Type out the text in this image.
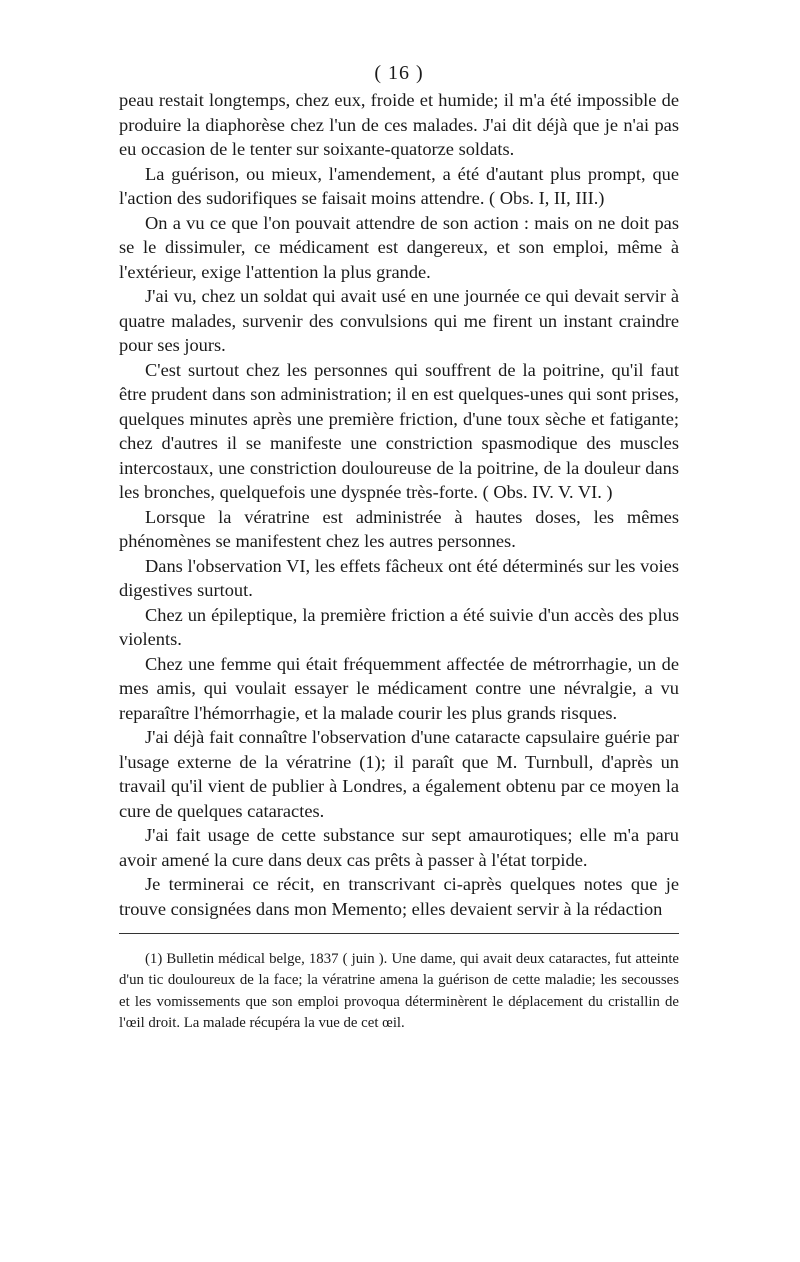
( 16 )

peau restait longtemps, chez eux, froide et humide; il m'a été impossible de produire la diaphorèse chez l'un de ces malades. J'ai dit déjà que je n'ai pas eu occasion de le tenter sur soixante-quatorze soldats.

La guérison, ou mieux, l'amendement, a été d'autant plus prompt, que l'action des sudorifiques se faisait moins attendre. ( Obs. I, II, III.)

On a vu ce que l'on pouvait attendre de son action : mais on ne doit pas se le dissimuler, ce médicament est dangereux, et son emploi, même à l'extérieur, exige l'attention la plus grande.

J'ai vu, chez un soldat qui avait usé en une journée ce qui devait servir à quatre malades, survenir des convulsions qui me firent un instant craindre pour ses jours.

C'est surtout chez les personnes qui souffrent de la poitrine, qu'il faut être prudent dans son administration; il en est quelques-unes qui sont prises, quelques minutes après une première friction, d'une toux sèche et fatigante; chez d'autres il se manifeste une constriction spasmodique des muscles intercostaux, une constriction douloureuse de la poitrine, de la douleur dans les bronches, quelquefois une dyspnée très-forte. ( Obs. IV. V. VI. )

Lorsque la vératrine est administrée à hautes doses, les mêmes phénomènes se manifestent chez les autres personnes.

Dans l'observation VI, les effets fâcheux ont été déterminés sur les voies digestives surtout.

Chez un épileptique, la première friction a été suivie d'un accès des plus violents.

Chez une femme qui était fréquemment affectée de métrorrhagie, un de mes amis, qui voulait essayer le médicament contre une névralgie, a vu reparaître l'hémorrhagie, et la malade courir les plus grands risques.

J'ai déjà fait connaître l'observation d'une cataracte capsulaire guérie par l'usage externe de la vératrine (1); il paraît que M. Turnbull, d'après un travail qu'il vient de publier à Londres, a également obtenu par ce moyen la cure de quelques cataractes.

J'ai fait usage de cette substance sur sept amaurotiques; elle m'a paru avoir amené la cure dans deux cas prêts à passer à l'état torpide.

Je terminerai ce récit, en transcrivant ci-après quelques notes que je trouve consignées dans mon Memento; elles devaient servir à la rédaction

(1) Bulletin médical belge, 1837 ( juin ). Une dame, qui avait deux cataractes, fut atteinte d'un tic douloureux de la face; la vératrine amena la guérison de cette maladie; les secousses et les vomissements que son emploi provoqua déterminèrent le déplacement du cristallin de l'œil droit. La malade récupéra la vue de cet œil.
